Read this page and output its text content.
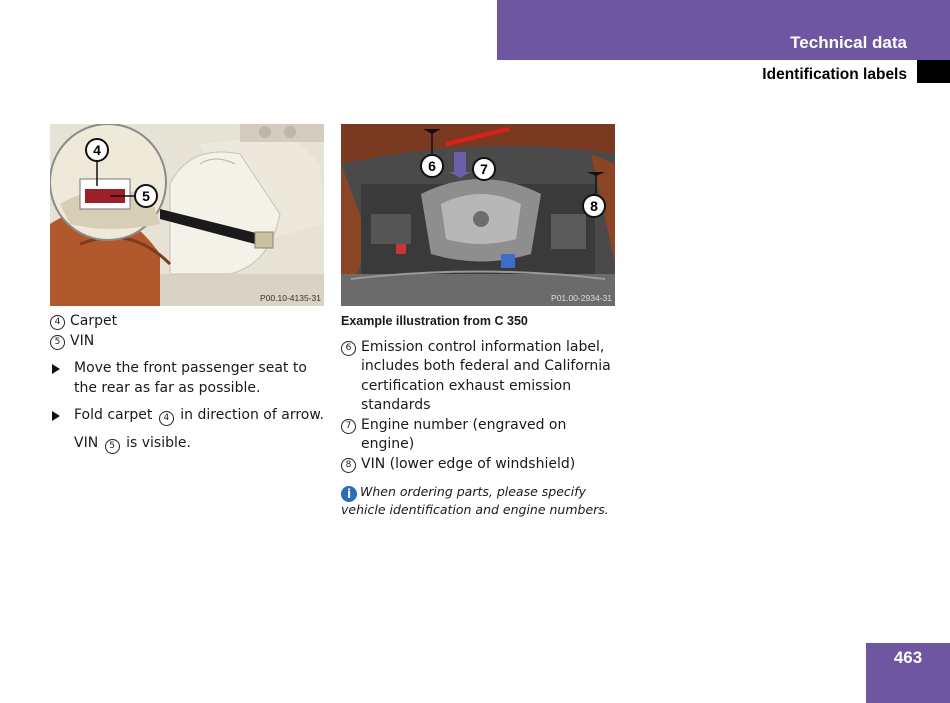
Technical data
Identification labels
4
5
P00.10-4135-31
6	7
8
P01.00-2934-31
4 Carpet
5 VIN
Move the front passenger seat to the rear as far as possible.
Fold carpet 4 in direction of arrow.
VIN 5 is visible.
Example illustration from C 350
6 Emission control information label, includes both federal and California certification exhaust emission standards
7 Engine number (engraved on engine)
8 VIN (lower edge of windshield)
i When ordering parts, please specify vehicle identification and engine numbers.
463
